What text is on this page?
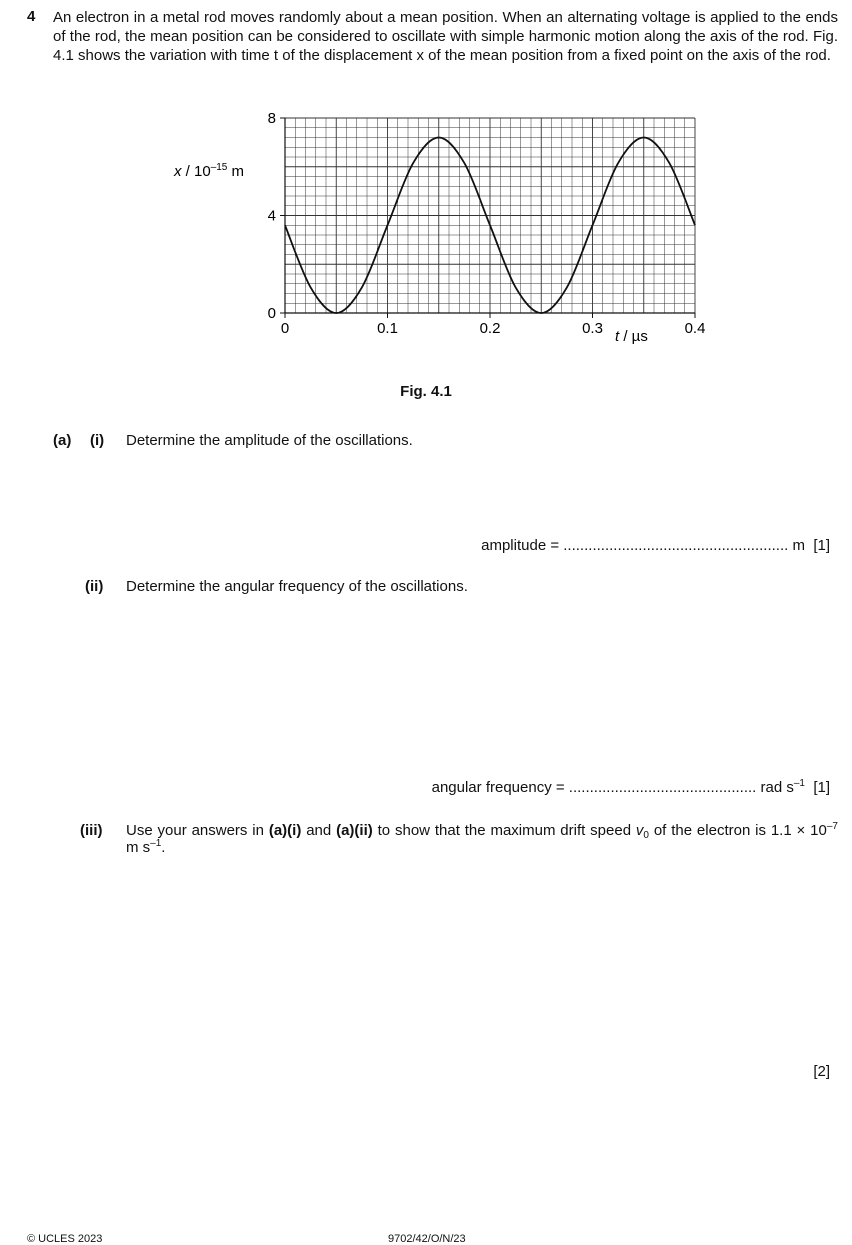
4 An electron in a metal rod moves randomly about a mean position. When an alternating voltage is applied to the ends of the rod, the mean position can be considered to oscillate with simple harmonic motion along the axis of the rod. Fig. 4.1 shows the variation with time t of the displacement x of the mean position from a fixed point on the axis of the rod.

0
4
8
0	0.1	0.2	0.3	0.4
x / $10^{-15}$ m
t / µs
Fig. 4.1
(a) (i) Determine the amplitude of the oscillations.
amplitude = ...................................................... m  [1]
(ii) Determine the angular frequency of the oscillations.
angular frequency = ............................................. rad $s^{-1}$  [1]
(iii) Use your answers in (a)(i) and (a)(ii) to show that the maximum drift speed $v_0$ of the electron is $1.1 \times 10^{-7}$ m $s^{-1}$.

[2]
© UCLES 2023	9702/42/O/N/23
